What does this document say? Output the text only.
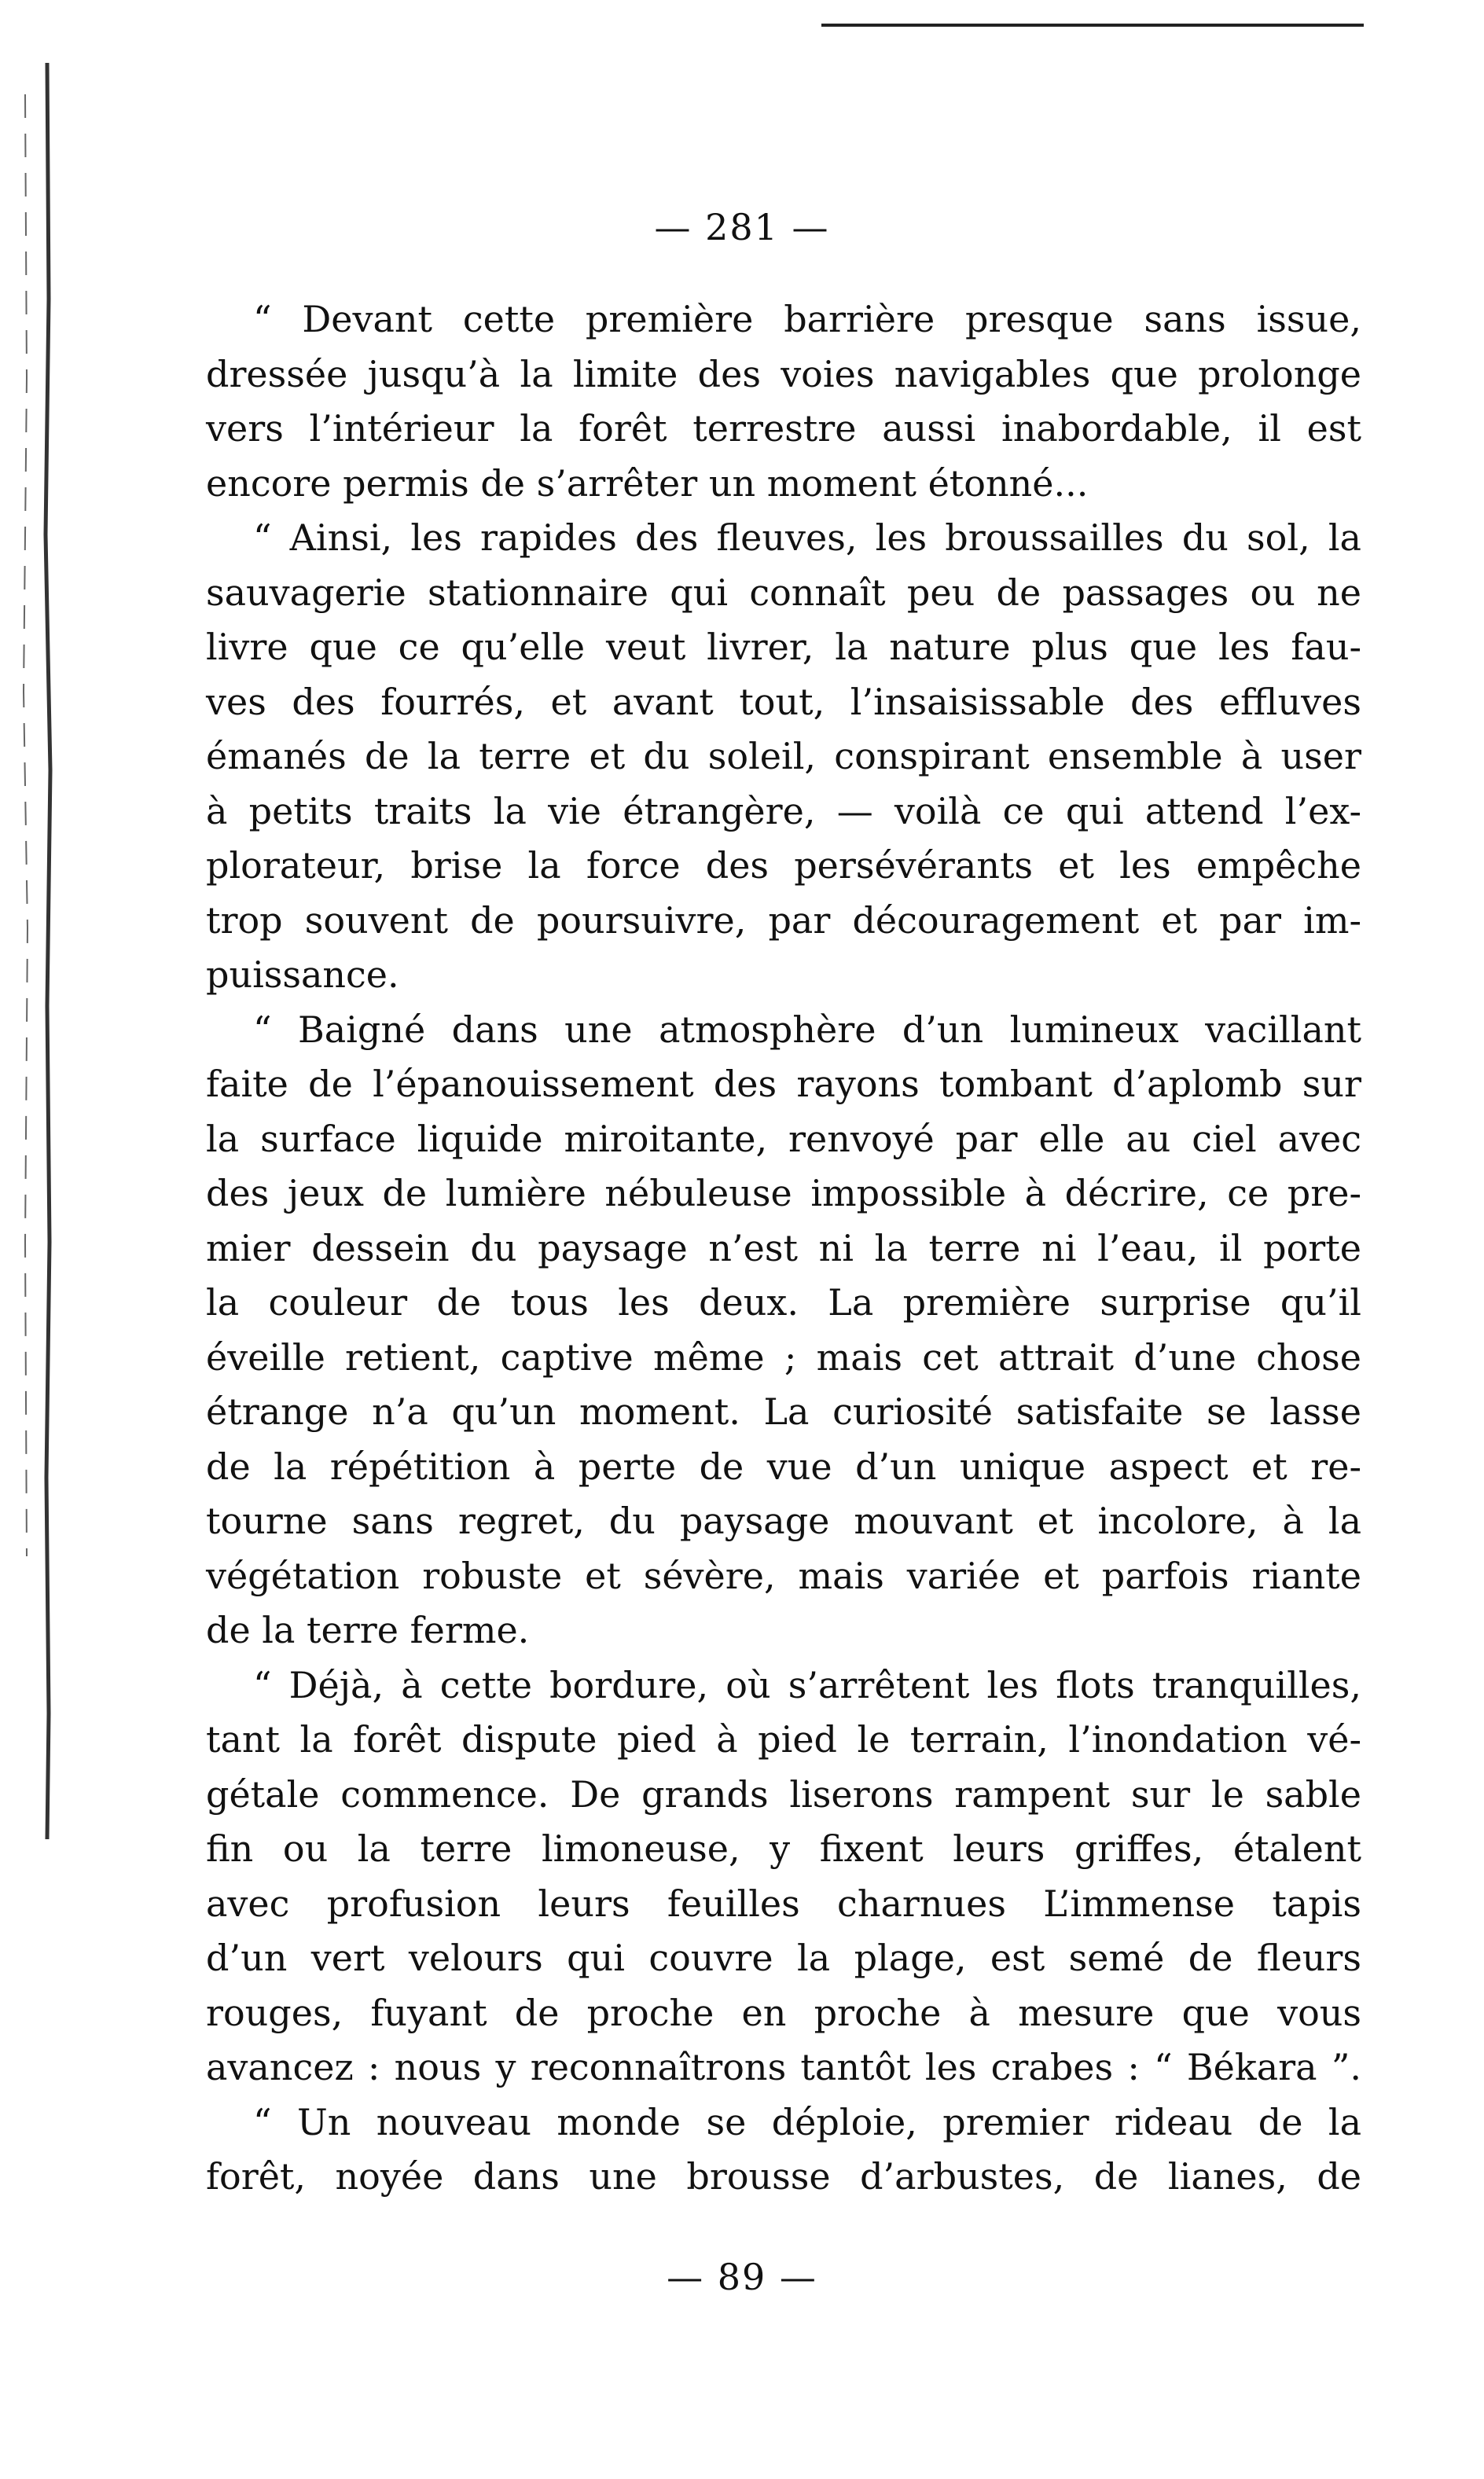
— 281 —
“ Devant cette première barrière presque sans issue,
dressée jusqu’à la limite des voies navigables que prolonge
vers l’intérieur la forêt terrestre aussi inabordable, il est
encore permis de s’arrêter un moment étonné...
“ Ainsi, les rapides des fleuves, les broussailles du sol, la
sauvagerie stationnaire qui connaît peu de passages ou ne
livre que ce qu’elle veut livrer, la nature plus que les fau-
ves des fourrés, et avant tout, l’insaisissable des effluves
émanés de la terre et du soleil, conspirant ensemble à user
à petits traits la vie étrangère, — voilà ce qui attend l’ex-
plorateur, brise la force des persévérants et les empêche
trop souvent de poursuivre, par découragement et par im-
puissance.
“ Baigné dans une atmosphère d’un lumineux vacillant
faite de l’épanouissement des rayons tombant d’aplomb sur
la surface liquide miroitante, renvoyé par elle au ciel avec
des jeux de lumière nébuleuse impossible à décrire, ce pre-
mier dessein du paysage n’est ni la terre ni l’eau, il porte
la couleur de tous les deux. La première surprise qu’il
éveille retient, captive même ; mais cet attrait d’une chose
étrange n’a qu’un moment. La curiosité satisfaite se lasse
de la répétition à perte de vue d’un unique aspect et re-
tourne sans regret, du paysage mouvant et incolore, à la
végétation robuste et sévère, mais variée et parfois riante
de la terre ferme.
“ Déjà, à cette bordure, où s’arrêtent les flots tranquilles,
tant la forêt dispute pied à pied le terrain, l’inondation vé-
gétale commence. De grands liserons rampent sur le sable
fin ou la terre limoneuse, y fixent leurs griffes, étalent
avec profusion leurs feuilles charnues L’immense tapis
d’un vert velours qui couvre la plage, est semé de fleurs
rouges, fuyant de proche en proche à mesure que vous
avancez : nous y reconnaîtrons tantôt les crabes : “ Békara ”.
“ Un nouveau monde se déploie, premier rideau de la
forêt, noyée dans une brousse d’arbustes, de lianes, de
— 89 —
